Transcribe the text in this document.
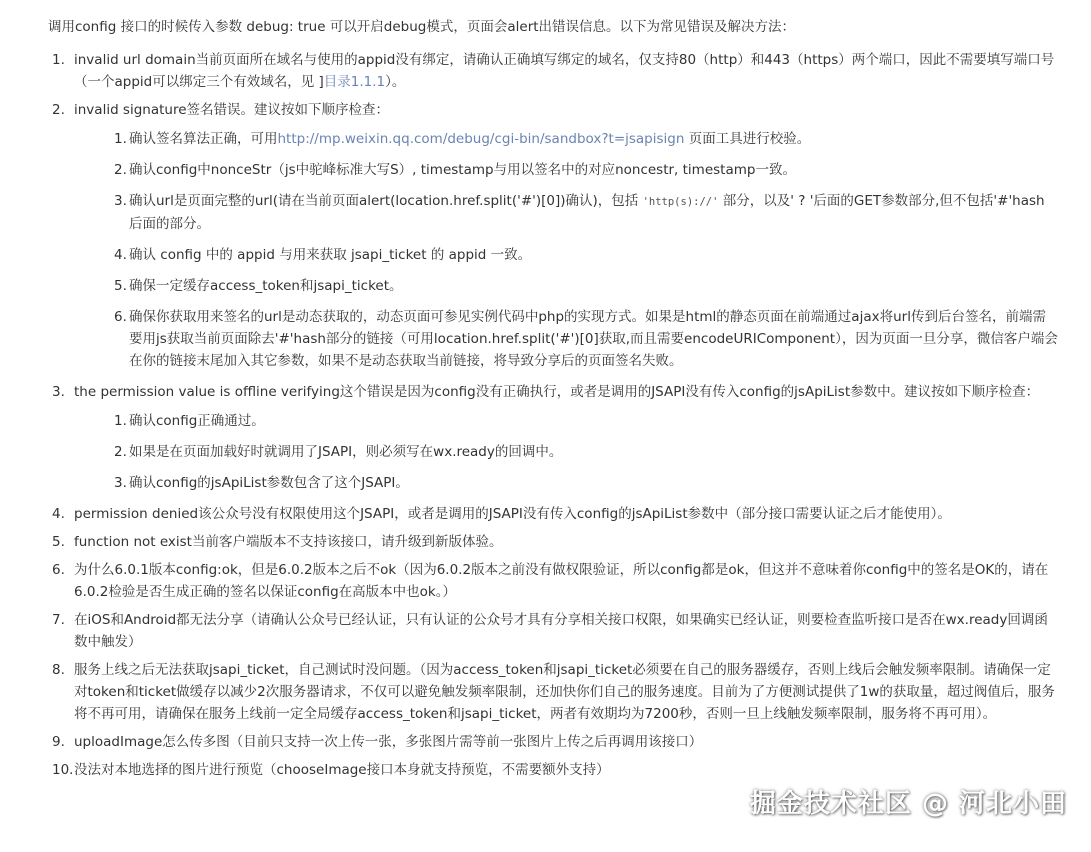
调用config 接口的时候传入参数 debug: true 可以开启debug模式，页面会alert出错误信息。以下为常见错误及解决方法：

1. invalid url domain当前页面所在域名与使用的appid没有绑定，请确认正确填写绑定的域名，仅支持80（http）和443（https）两个端口，因此不需要填写端口号（一个appid可以绑定三个有效域名，见 ]目录1.1.1）。
2. invalid signature签名错误。建议按如下顺序检查：
1. 确认签名算法正确，可用http://mp.weixin.qq.com/debug/cgi-bin/sandbox?t=jsapisign 页面工具进行校验。
2. 确认config中nonceStr（js中驼峰标准大写S）, timestamp与用以签名中的对应noncestr, timestamp一致。
3. 确认url是页面完整的url(请在当前页面alert(location.href.split('#')[0])确认)，包括 'http(s)://' 部分，以及' ? '后面的GET参数部分,但不包括'#'hash后面的部分。
4. 确认 config 中的 appid 与用来获取 jsapi_ticket 的 appid 一致。
5. 确保一定缓存access_token和jsapi_ticket。
6. 确保你获取用来签名的url是动态获取的，动态页面可参见实例代码中php的实现方式。如果是html的静态页面在前端通过ajax将url传到后台签名，前端需要用js获取当前页面除去'#'hash部分的链接（可用location.href.split('#')[0]获取,而且需要encodeURIComponent），因为页面一旦分享，微信客户端会在你的链接末尾加入其它参数，如果不是动态获取当前链接，将导致分享后的页面签名失败。
3. the permission value is offline verifying这个错误是因为config没有正确执行，或者是调用的JSAPI没有传入config的jsApiList参数中。建议按如下顺序检查：
1. 确认config正确通过。
2. 如果是在页面加载好时就调用了JSAPI，则必须写在wx.ready的回调中。
3. 确认config的jsApiList参数包含了这个JSAPI。
4. permission denied该公众号没有权限使用这个JSAPI，或者是调用的JSAPI没有传入config的jsApiList参数中（部分接口需要认证之后才能使用）。
5. function not exist当前客户端版本不支持该接口，请升级到新版体验。
6. 为什么6.0.1版本config:ok，但是6.0.2版本之后不ok（因为6.0.2版本之前没有做权限验证，所以config都是ok，但这并不意味着你config中的签名是OK的，请在6.0.2检验是否生成正确的签名以保证config在高版本中也ok。）
7. 在iOS和Android都无法分享（请确认公众号已经认证，只有认证的公众号才具有分享相关接口权限，如果确实已经认证，则要检查监听接口是否在wx.ready回调函数中触发）
8. 服务上线之后无法获取jsapi_ticket，自己测试时没问题。（因为access_token和jsapi_ticket必须要在自己的服务器缓存，否则上线后会触发频率限制。请确保一定对token和ticket做缓存以减少2次服务器请求，不仅可以避免触发频率限制，还加快你们自己的服务速度。目前为了方便测试提供了1w的获取量，超过阀值后，服务将不再可用，请确保在服务上线前一定全局缓存access_token和jsapi_ticket，两者有效期均为7200秒，否则一旦上线触发频率限制，服务将不再可用）。
9. uploadImage怎么传多图（目前只支持一次上传一张，多张图片需等前一张图片上传之后再调用该接口）
10. 没法对本地选择的图片进行预览（chooseImage接口本身就支持预览，不需要额外支持）
掘金技术社区 @ 河北小田
